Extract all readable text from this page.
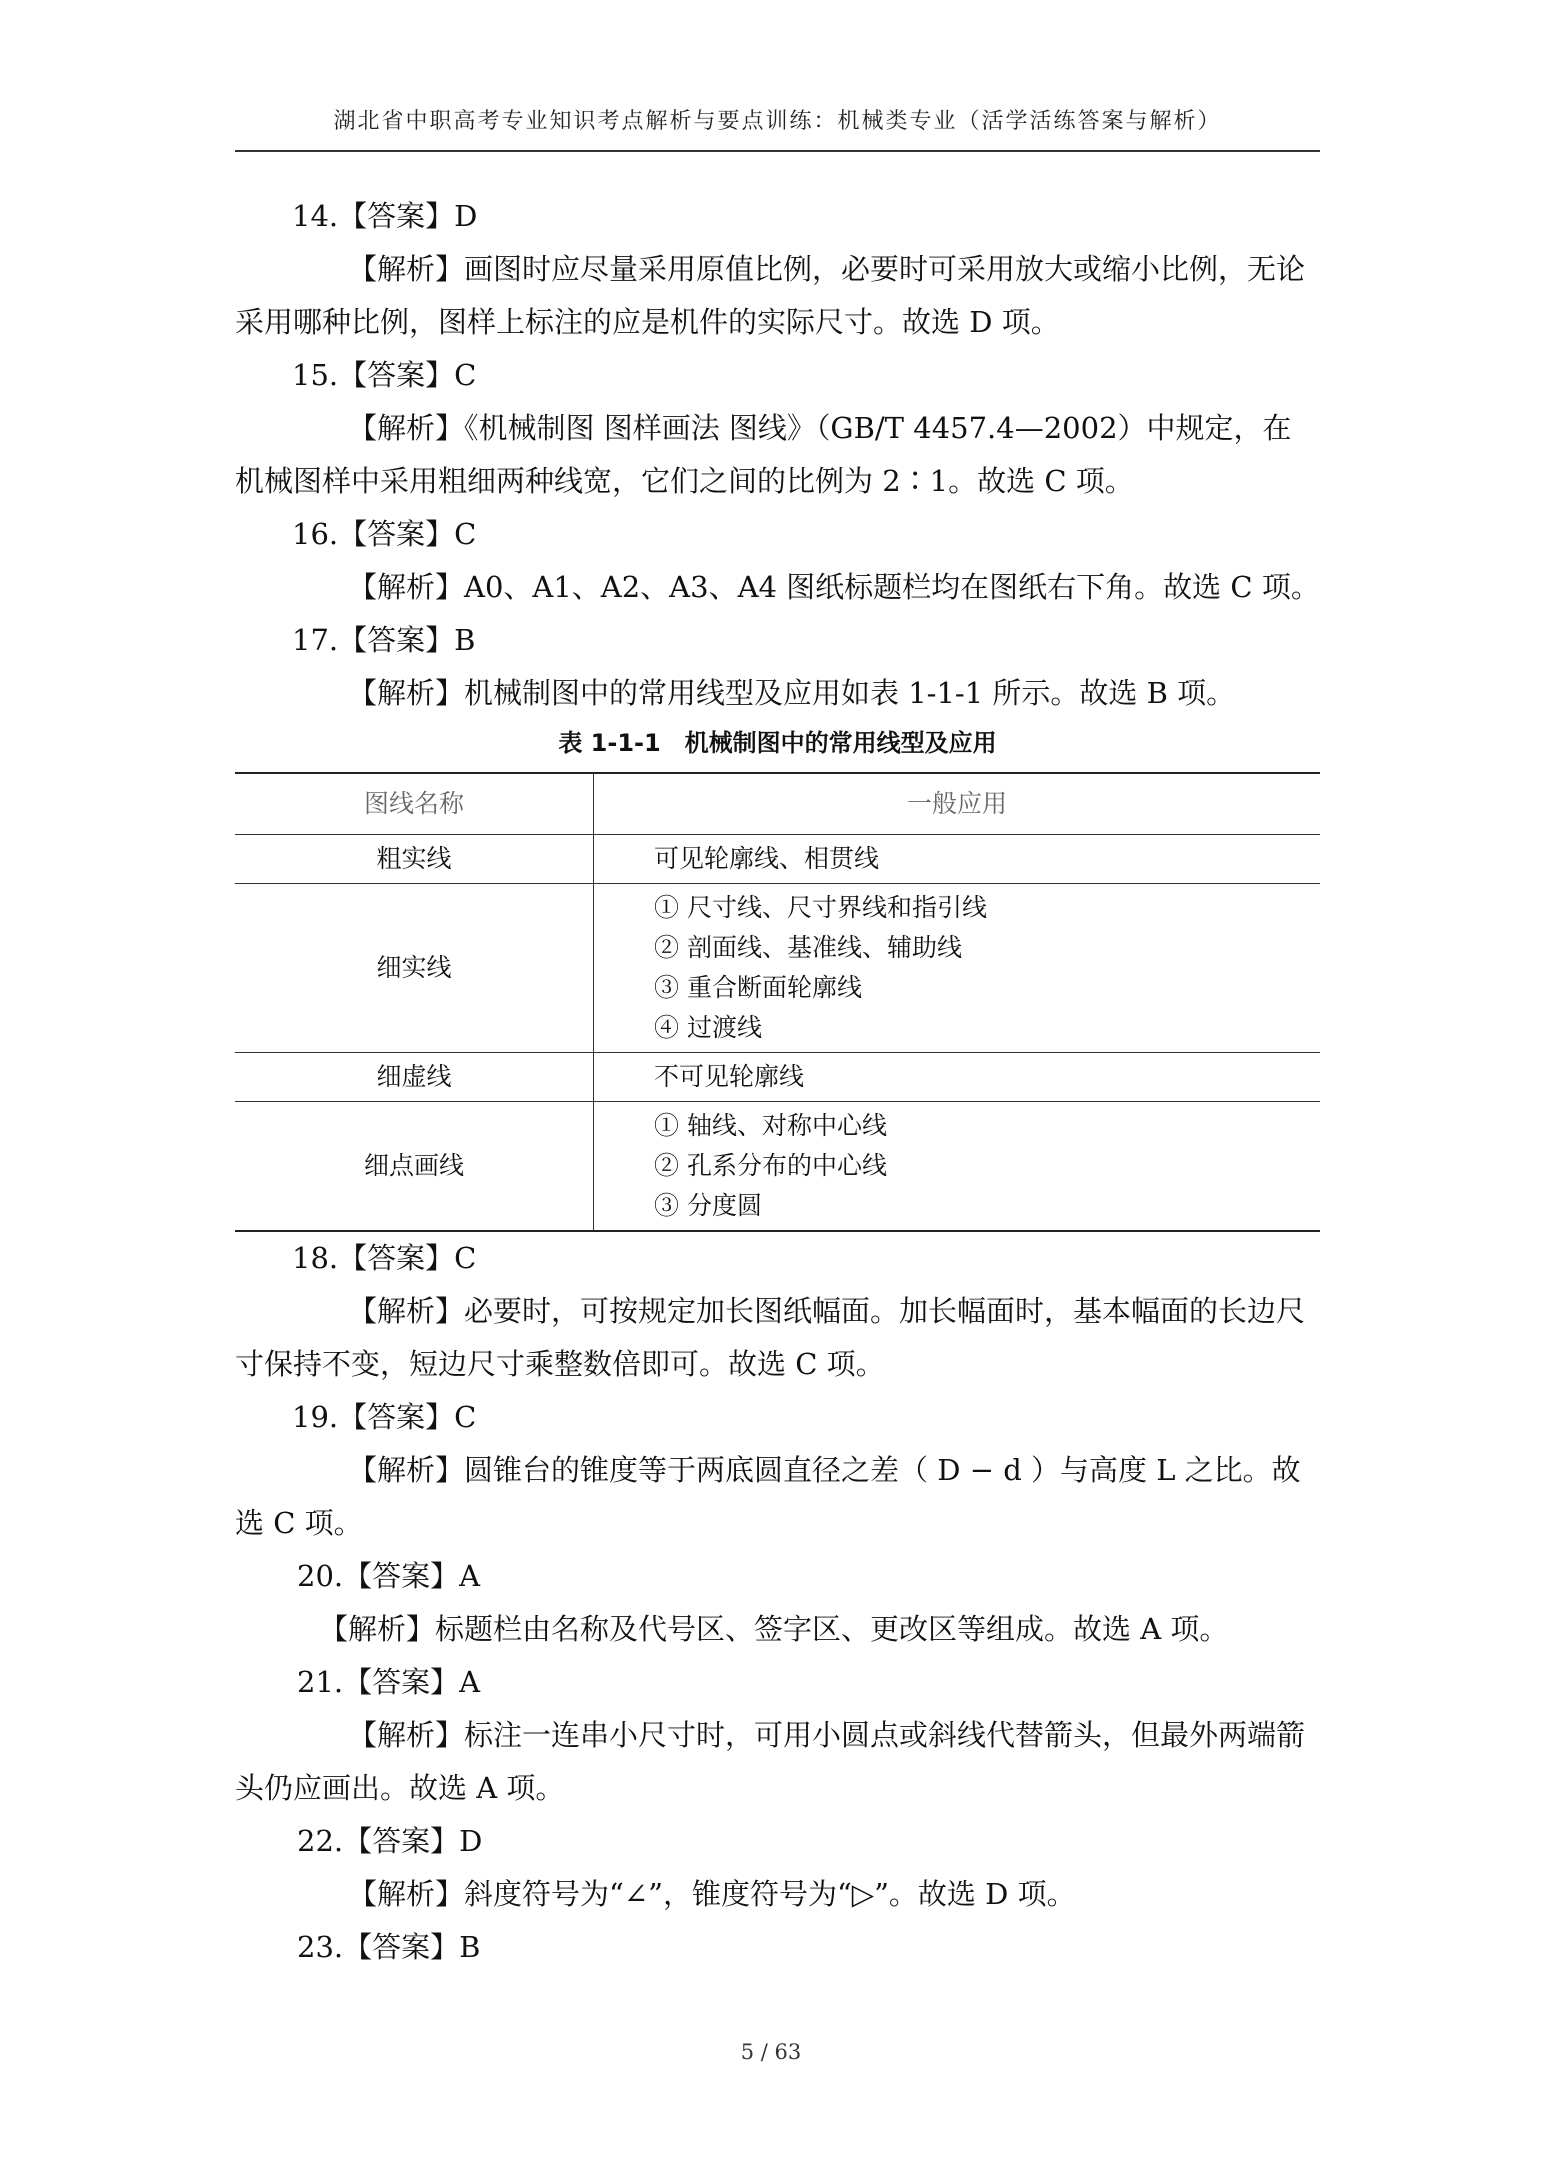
湖北省中职高考专业知识考点解析与要点训练：机械类专业（活学活练答案与解析）

14.【答案】D

【解析】画图时应尽量采用原值比例，必要时可采用放大或缩小比例，无论采用哪种比例，图样上标注的应是机件的实际尺寸。故选 D 项。

15.【答案】C

【解析】《机械制图 图样画法 图线》（GB/T 4457.4—2002）中规定，在机械图样中采用粗细两种线宽，它们之间的比例为 2∶1。故选 C 项。

16.【答案】C

【解析】A0、A1、A2、A3、A4 图纸标题栏均在图纸右下角。故选 C 项。

17.【答案】B

【解析】机械制图中的常用线型及应用如表 1-1-1 所示。故选 B 项。

表 1-1-1　机械制图中的常用线型及应用
图线名称	一般应用
粗实线	可见轮廓线、相贯线

细实线	① 尺寸线、尺寸界线和指引线
② 剖面线、基准线、辅助线
③ 重合断面轮廓线
④ 过渡线

细虚线	不可见轮廓线

细点画线	① 轴线、对称中心线
② 孔系分布的中心线
③ 分度圆

18.【答案】C

【解析】必要时，可按规定加长图纸幅面。加长幅面时，基本幅面的长边尺寸保持不变，短边尺寸乘整数倍即可。故选 C 项。

19.【答案】C

【解析】圆锥台的锥度等于两底圆直径之差（ D − d ）与高度 L 之比。故选 C 项。

20.【答案】A

【解析】标题栏由名称及代号区、签字区、更改区等组成。故选 A 项。

21.【答案】A

【解析】标注一连串小尺寸时，可用小圆点或斜线代替箭头，但最外两端箭头仍应画出。故选 A 项。

22.【答案】D

【解析】斜度符号为“∠”，锥度符号为“▷”。故选 D 项。

23.【答案】B

5 / 63
